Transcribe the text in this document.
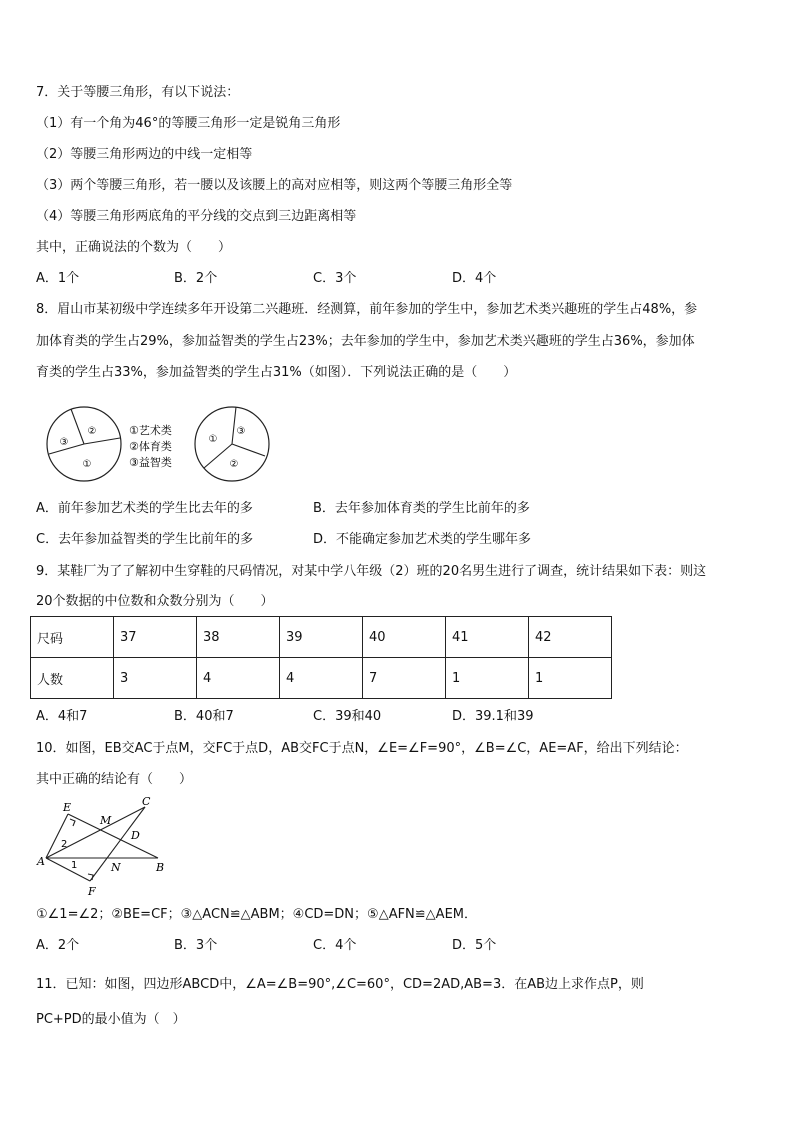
7．关于等腰三角形，有以下说法：
（1）有一个角为46°的等腰三角形一定是锐角三角形
（2）等腰三角形两边的中线一定相等
（3）两个等腰三角形，若一腰以及该腰上的高对应相等，则这两个等腰三角形全等
（4）等腰三角形两底角的平分线的交点到三边距离相等
其中，正确说法的个数为（　　）
A．1个	B．2个	C．3个	D．4个
8．眉山市某初级中学连续多年开设第二兴趣班．经测算，前年参加的学生中，参加艺术类兴趣班的学生占48%，参
加体育类的学生占29%，参加益智类的学生占23%；去年参加的学生中，参加艺术类兴趣班的学生占36%，参加体
育类的学生占33%，参加益智类的学生占31%（如图）．下列说法正确的是（　　）
③
②
①
①艺术类
②体育类
③益智类
①
③
②
A．前年参加艺术类的学生比去年的多	B．去年参加体育类的学生比前年的多
C．去年参加益智类的学生比前年的多	D．不能确定参加艺术类的学生哪年多
9．某鞋厂为了了解初中生穿鞋的尺码情况，对某中学八年级（2）班的20名男生进行了调查，统计结果如下表：则这
20个数据的中位数和众数分别为（　　）
尺码	37	38	39	40	41	42
人数	3	4	4	7	1	1
A．4和7	B．40和7	C．39和40	D．39.1和39
10．如图，EB交AC于点M，交FC于点D，AB交FC于点N，∠E=∠F=90°，∠B=∠C，AE=AF，给出下列结论：
其中正确的结论有（　　）
E	C
M
D
A	N	B
F
1
2
①∠1=∠2；②BE=CF；③△ACN≌△ABM；④CD=DN；⑤△AFN≌△AEM．
A．2个	B．3个	C．4个	D．5个
11．已知：如图，四边形ABCD中，∠A=∠B=90°,∠C=60°，CD=2AD,AB=3．在AB边上求作点P，则
PC+PD的最小值为（　）
